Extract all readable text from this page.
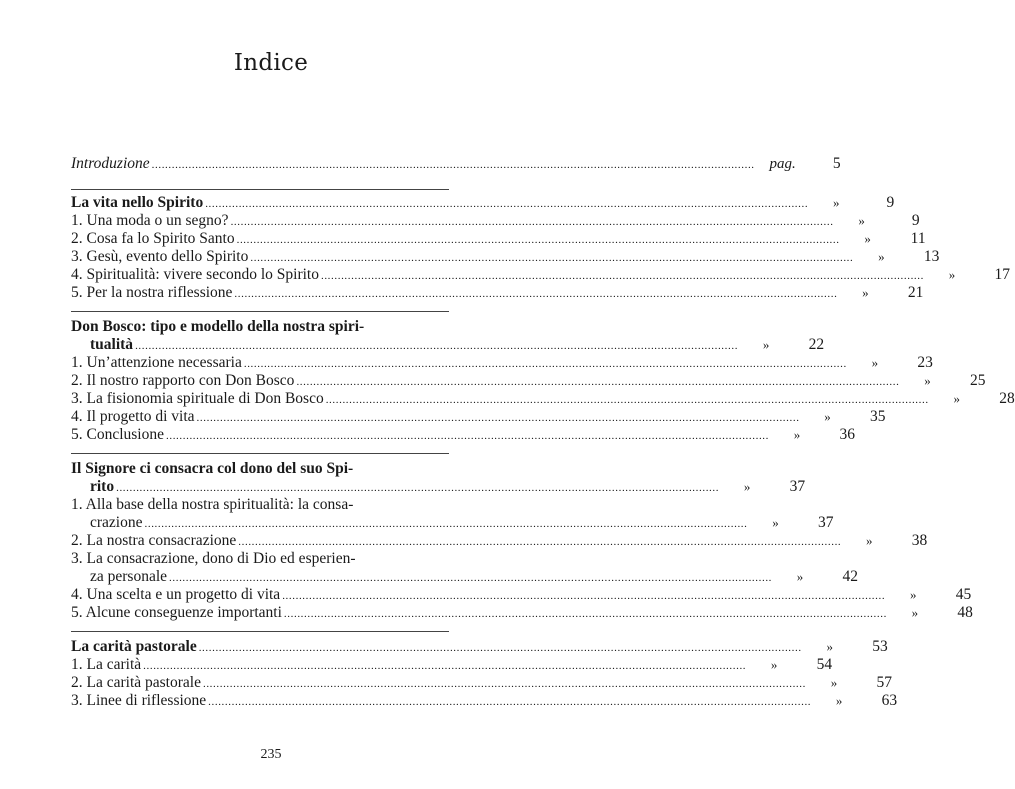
Indice
Introduzione .....	pag.	5
La vita nello Spirito .....	»	9
1. Una moda o un segno? .....	»	9
2. Cosa fa lo Spirito Santo .....	»	11
3. Gesù, evento dello Spirito .....	»	13
4. Spiritualità: vivere secondo lo Spirito .....	»	17
5. Per la nostra riflessione .....	»	21
Don Bosco: tipo e modello della nostra spiri-
tualità .....	»	22
1. Un’attenzione necessaria .....	»	23
2. Il nostro rapporto con Don Bosco .....	»	25
3. La fisionomia spirituale di Don Bosco .....	»	28
4. Il progetto di vita .....	»	35
5. Conclusione .....	»	36
Il Signore ci consacra col dono del suo Spi-
rito .....	»	37
1. Alla base della nostra spiritualità: la consa-
crazione .....	»	37
2. La nostra consacrazione .....	»	38
3. La consacrazione, dono di Dio ed esperien-
za personale .....	»	42
4. Una scelta e un progetto di vita .....	»	45
5. Alcune conseguenze importanti .....	»	48
La carità pastorale .....	»	53
1. La carità .....	»	54
2. La carità pastorale .....	»	57
3. Linee di riflessione .....	»	63
235
